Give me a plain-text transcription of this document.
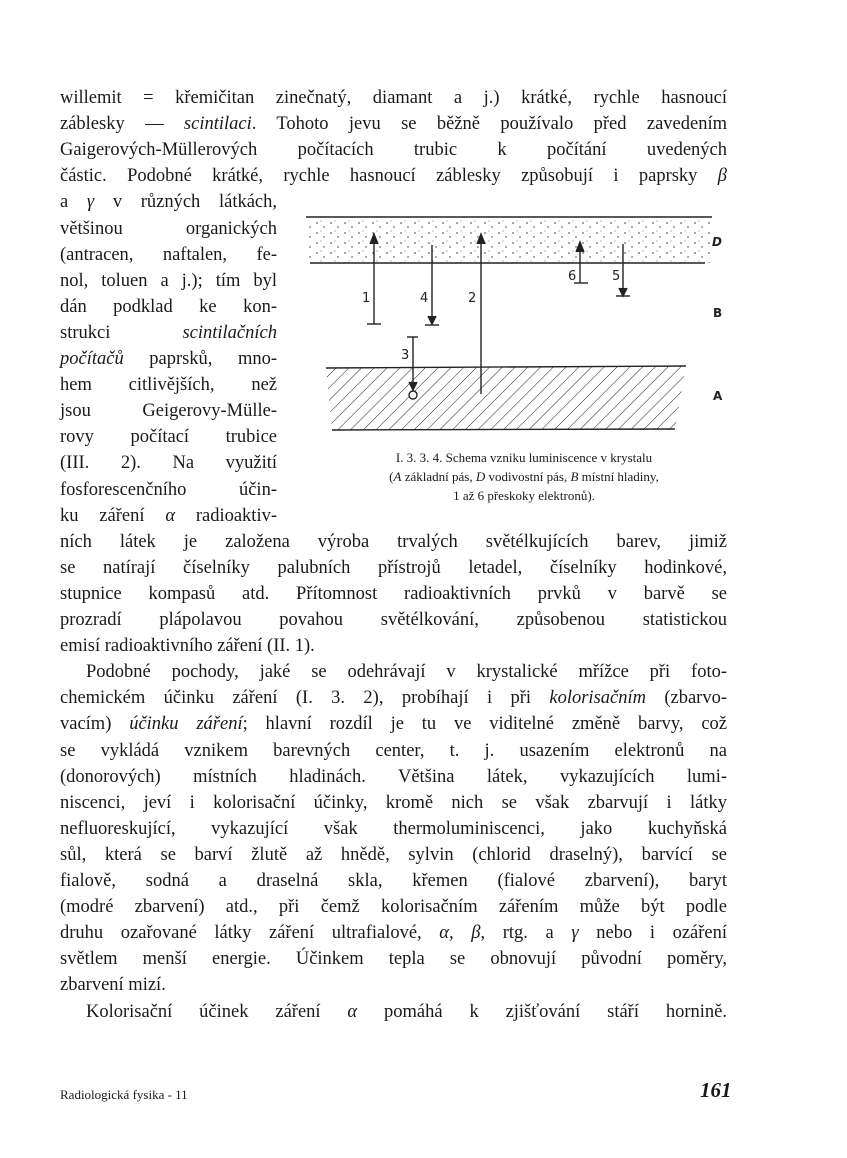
willemit = křemičitan zinečnatý, diamant a j.) krátké, rychle hasnoucí
záblesky — scintilaci. Tohoto jevu se běžně používalo před zavedením
Gaigerových-Müllerových počítacích trubic k počítání uvedených
částic. Podobné krátké, rychle hasnoucí záblesky způsobují i paprsky β
a γ v různých látkách,
většinou organických
(antracen, naftalen, fe-
nol, toluen a j.); tím byl
dán podklad ke kon-
strukci scintilačních
počítačů paprsků, mno-
hem citlivějších, než
jsou Geigerovy-Mülle-
rovy počítací trubice
(III. 2). Na využití
fosforescenčního účin-
ku záření α radioaktiv-
ních látek je založena výroba trvalých světélkujících barev, jimiž
se natírají číselníky palubních přístrojů letadel, číselníky hodinkové,
stupnice kompasů atd. Přítomnost radioaktivních prvků v barvě se
prozradí plápolavou povahou světélkování, způsobenou statistickou
emisí radioaktivního záření (II. 1).
Podobné pochody, jaké se odehrávají v krystalické mřížce při foto-
chemickém účinku záření (I. 3. 2), probíhají i při kolorisačním (zbarvo-
vacím) účinku záření; hlavní rozdíl je tu ve viditelné změně barvy, což
se vykládá vznikem barevných center, t. j. usazením elektronů na
(donorových) místních hladinách. Většina látek, vykazujících lumi-
niscenci, jeví i kolorisační účinky, kromě nich se však zbarvují i látky
nefluoreskující, vykazující však thermoluminiscenci, jako kuchyňská
sůl, která se barví žlutě až hnědě, sylvin (chlorid draselný), barvící se
fialově, sodná a draselná skla, křemen (fialové zbarvení), baryt
(modré zbarvení) atd., při čemž kolorisačním zářením může být podle
druhu ozařované látky záření ultrafialové, α, β, rtg. a γ nebo i ozáření
světlem menší energie. Účinkem tepla se obnovují původní poměry,
zbarvení mizí.
Kolorisační účinek záření α pomáhá k zjišťování stáří hornině.
1	4	2
3
6	5
D
B
A
I. 3. 3. 4. Schema vzniku luminiscence v krystalu
(A základní pás, D vodivostní pás, B místní hladiny,
1 až 6 přeskoky elektronů).
Radiologická fysika - 11	161
